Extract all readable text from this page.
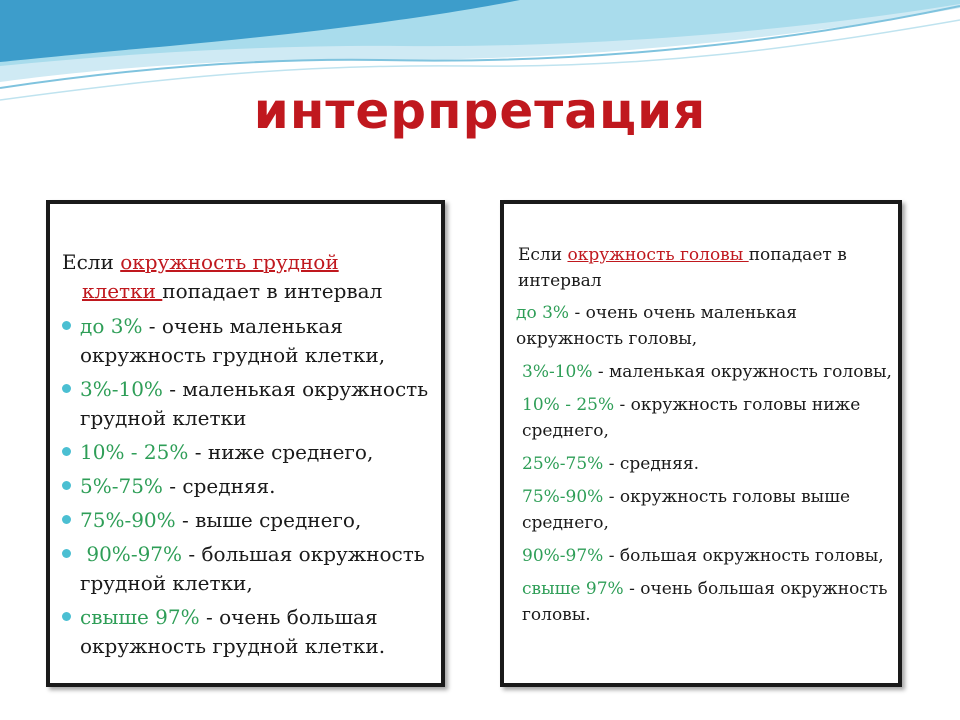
интерпретация
Если окружность грудной
клетки попадает в интервал
до 3% - очень маленькая окружность грудной клетки,
3%-10% - маленькая окружность грудной клетки
10% - 25% - ниже среднего,
5%-75% - средняя.
75%-90% - выше среднего,
90%-97% - большая окружность грудной клетки,
свыше 97% - очень большая окружность грудной клетки.
Если окружность головы попадает в интервал
до 3% - очень очень маленькая окружность головы,
3%-10% - маленькая окружность головы,
10% - 25% - окружность головы ниже среднего,
25%-75% - средняя.
75%-90% - окружность головы выше среднего,
90%-97% - большая окружность головы,
свыше 97% - очень большая окружность головы.
